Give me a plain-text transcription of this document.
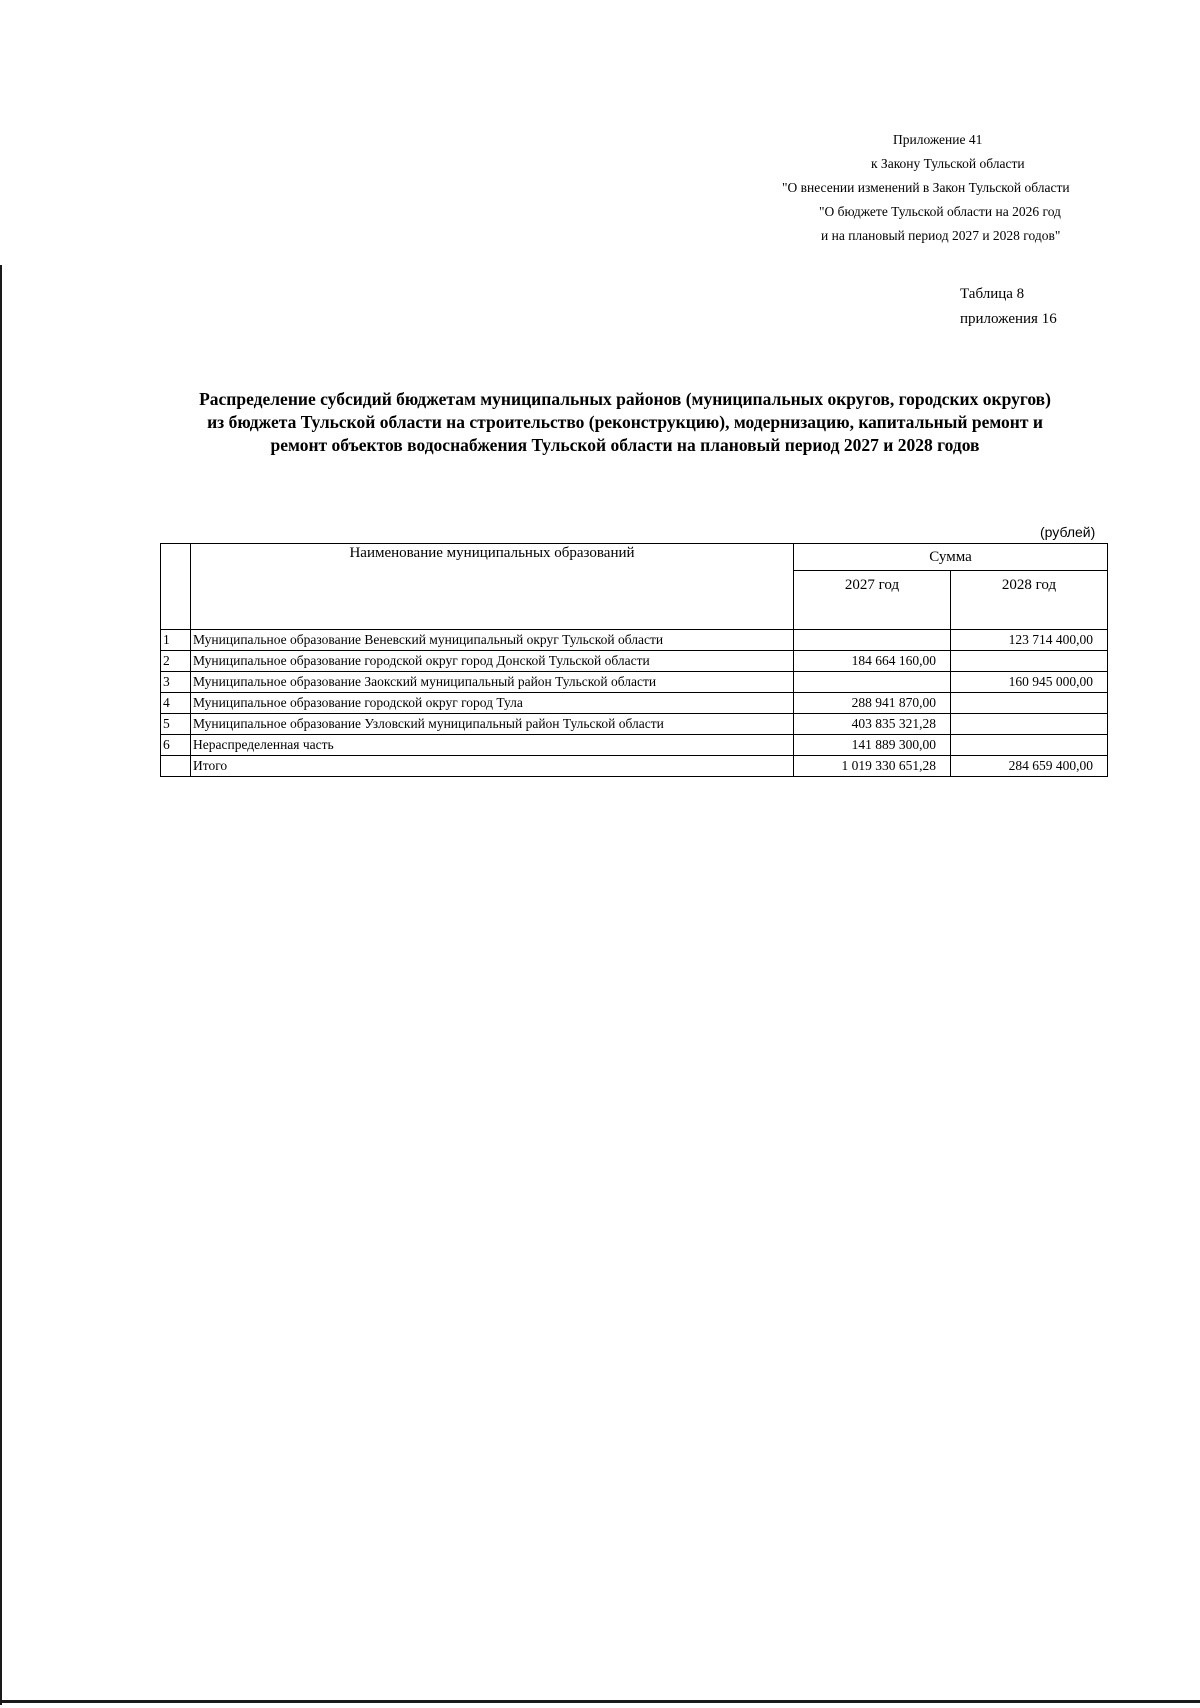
Приложение 41
к Закону Тульской области
"О внесении изменений в Закон Тульской области
"О бюджете Тульской области на 2026 год
и на плановый период 2027 и 2028 годов"
Таблица 8
приложения 16
Распределение субсидий бюджетам муниципальных районов (муниципальных округов, городских округов)
из бюджета Тульской области на строительство (реконструкцию), модернизацию, капитальный ремонт и
ремонт объектов водоснабжения Тульской области на плановый период 2027 и 2028 годов
(рублей)
	Наименование муниципальных образований	Сумма	
		2027 год	2028 год
1	Муниципальное образование Веневский муниципальный округ Тульской области		123 714 400,00
2	Муниципальное образование городской округ город Донской Тульской области	184 664 160,00	
3	Муниципальное образование Заокский муниципальный район Тульской области		160 945 000,00
4	Муниципальное образование городской округ город Тула	288 941 870,00	
5	Муниципальное образование Узловский муниципальный район Тульской области	403 835 321,28	
6	Нераспределенная часть	141 889 300,00	
	Итого	1 019 330 651,28	284 659 400,00
